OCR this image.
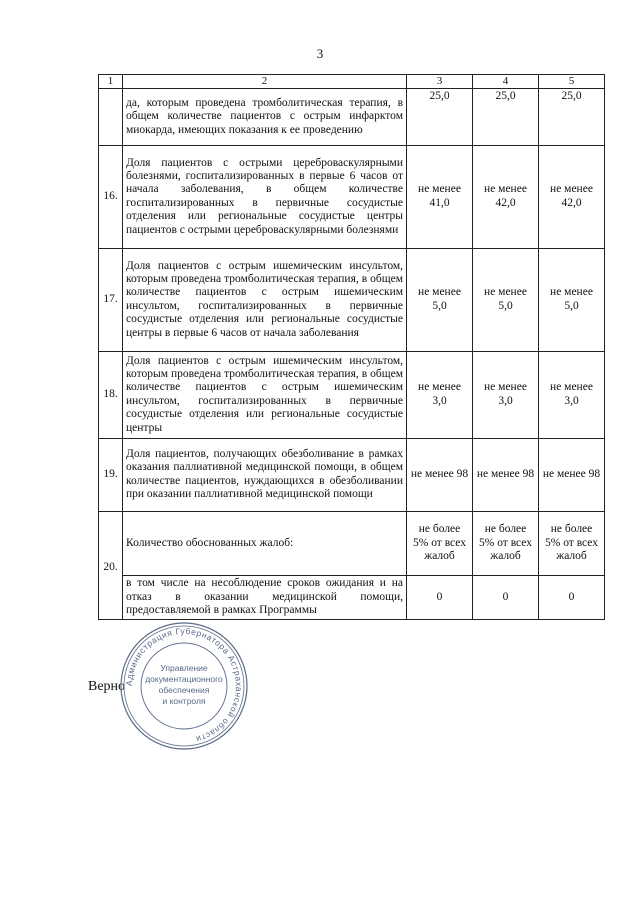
3
1	2	3	4	5
	да, которым проведена тромболитическая терапия, в общем количестве пациентов с острым инфарктом миокарда, имеющих показания к ее проведению	25,0	25,0	25,0
16.	Доля пациентов с острыми цереброваскулярными болезнями, госпитализированных в первые 6 часов от начала заболевания, в общем количестве госпитализированных в первичные сосудистые отделения или региональные сосудистые центры пациентов с острыми цереброваскулярными болезнями	не менее 41,0	не менее 42,0	не менее 42,0
17.	Доля пациентов с острым ишемическим инсультом, которым проведена тромболитическая терапия, в общем количестве пациентов с острым ишемическим инсультом, госпитализированных в первичные сосудистые отделения или региональные сосудистые центры в первые 6 часов от начала заболевания	не менее 5,0	не менее 5,0	не менее 5,0
18.	Доля пациентов с острым ишемическим инсультом, которым проведена тромболитическая терапия, в общем количестве пациентов с острым ишемическим инсультом, госпитализированных в первичные сосудистые отделения или региональные сосудистые центры	не менее 3,0	не менее 3,0	не менее 3,0
19.	Доля пациентов, получающих обезболивание в рамках оказания паллиативной медицинской помощи, в общем количестве пациентов, нуждающихся в обезболивании при оказании паллиативной медицинской помощи	не менее 98	не менее 98	не менее 98
20.	Количество обоснованных жалоб:	не более 5% от всех жалоб	не более 5% от всех жалоб	не более 5% от всех жалоб
	в том числе на несоблюдение сроков ожидания и на отказ в оказании медицинской помощи, предоставляемой в рамках Программы	0	0	0
Верно
Администрация Губернатора Астраханской области
Управление
документационного
обеспечения
и контроля
